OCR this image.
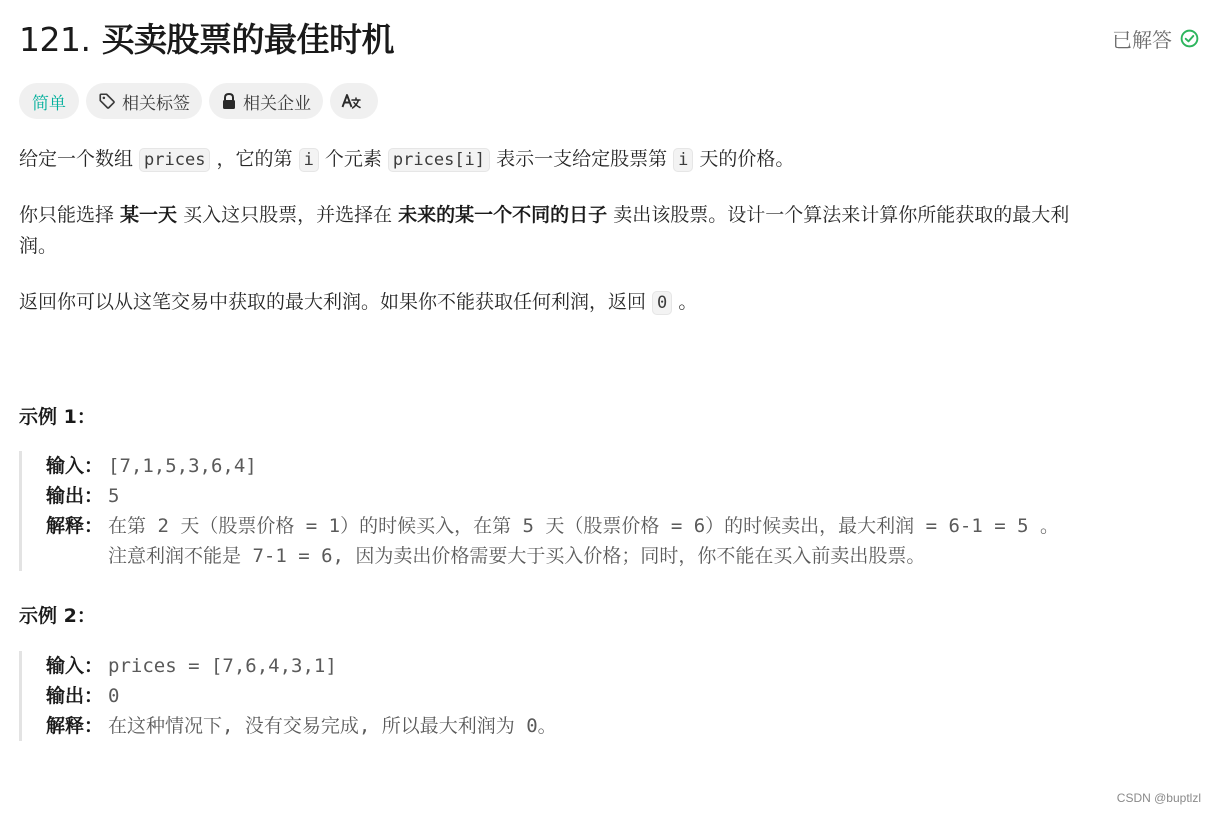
121. 买卖股票的最佳时机	已解答
简单	相关标签	相关企业
给定一个数组 prices ，它的第 i 个元素 prices[i] 表示一支给定股票第 i 天的价格。
你只能选择 某一天 买入这只股票，并选择在 未来的某一个不同的日子 卖出该股票。设计一个算法来计算你所能获取的最大利
润。
返回你可以从这笔交易中获取的最大利润。如果你不能获取任何利润，返回 0 。
示例 1：
输入： [7,1,5,3,6,4]
输出： 5
解释： 在第 2 天（股票价格 = 1）的时候买入，在第 5 天（股票价格 = 6）的时候卖出，最大利润 = 6-1 = 5 。
注意利润不能是 7-1 = 6, 因为卖出价格需要大于买入价格；同时，你不能在买入前卖出股票。
示例 2：
输入： prices = [7,6,4,3,1]
输出： 0
解释： 在这种情况下, 没有交易完成, 所以最大利润为 0。
CSDN @buptlzl
